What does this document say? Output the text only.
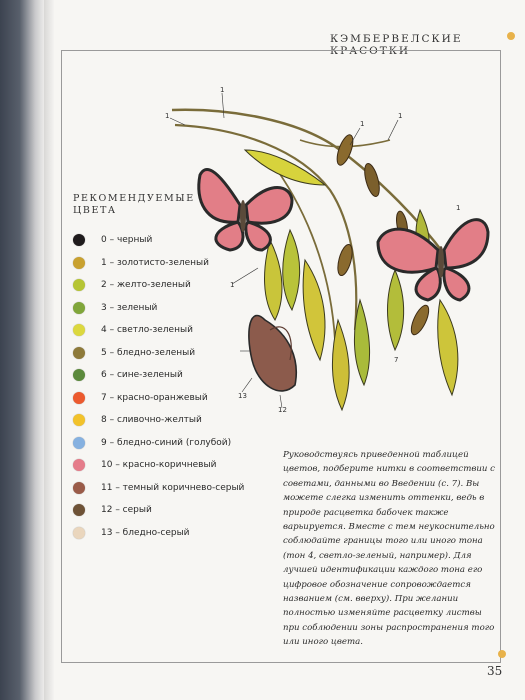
КЭМБЕРВЕЛСКИЕ КРАСОТКИ
1
1
1
1
1
1
13
12
7
РЕКОМЕНДУЕМЫЕ ЦВЕТА
0 – черный
1 – золотисто-зеленый
2 – желто-зеленый
3 – зеленый
4 – светло-зеленый
5 – бледно-зеленый
6 – сине-зеленый
7 – красно-оранжевый
8 – сливочно-желтый
9 – бледно-синий (голубой)
10 – красно-коричневый
11 – темный коричнево-серый
12 – серый
13 – бледно-серый
Руководствуясь приведенной таблицей цветов, подберите нитки в соответствии с советами, данными во Введении (с. 7). Вы можете слегка изменить оттенки, ведь в природе расцветка бабочек также варьируется. Вместе с тем неукоснительно соблюдайте границы того или иного тона (тон 4, светло-зеленый, например). Для лучшей идентификации каждого тона его цифровое обозначение сопровождается названием (см. вверху). При желании полностью изменяйте расцветку листвы при соблюдении зоны распространения того или иного цвета.
35
